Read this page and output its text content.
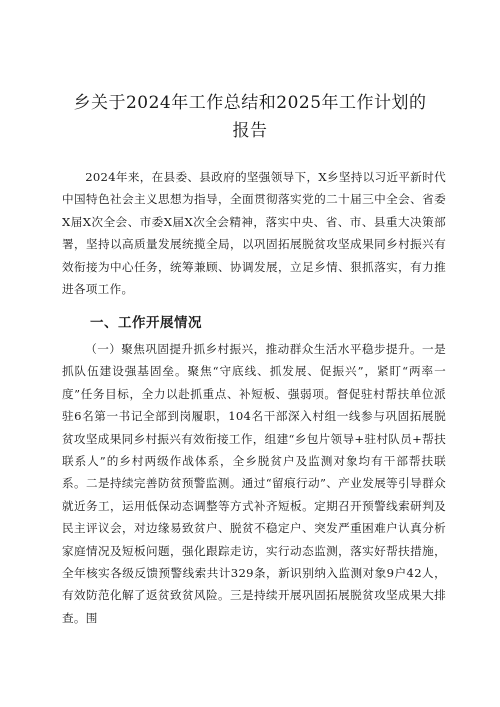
乡关于2024年工作总结和2025年工作计划的
报告
2024年来，在县委、县政府的坚强领导下，X乡坚持以习近平新时代中国特色社会主义思想为指导，全面贯彻落实党的二十届三中全会、省委X届X次全会、市委X届X次全会精神，落实中央、省、市、县重大决策部署，坚持以高质量发展统揽全局，以巩固拓展脱贫攻坚成果同乡村振兴有效衔接为中心任务，统筹兼顾、协调发展，立足乡情、狠抓落实，有力推进各项工作。
一、工作开展情况
（一）聚焦巩固提升抓乡村振兴，推动群众生活水平稳步提升。一是抓队伍建设强基固垒。聚焦“守底线、抓发展、促振兴”，紧盯“两率一度”任务目标，全力以赴抓重点、补短板、强弱项。督促驻村帮扶单位派驻6名第一书记全部到岗履职，104名干部深入村组一线参与巩固拓展脱贫攻坚成果同乡村振兴有效衔接工作，组建“乡包片领导+驻村队员+帮扶联系人”的乡村两级作战体系，全乡脱贫户及监测对象均有干部帮扶联系。二是持续完善防贫预警监测。通过“留痕行动”、产业发展等引导群众就近务工，运用低保动态调整等方式补齐短板。定期召开预警线索研判及民主评议会，对边缘易致贫户、脱贫不稳定户、突发严重困难户认真分析家庭情况及短板问题，强化跟踪走访，实行动态监测，落实好帮扶措施，全年核实各级反馈预警线索共计329条，新识别纳入监测对象9户42人，有效防范化解了返贫致贫风险。三是持续开展巩固拓展脱贫攻坚成果大排查。围
